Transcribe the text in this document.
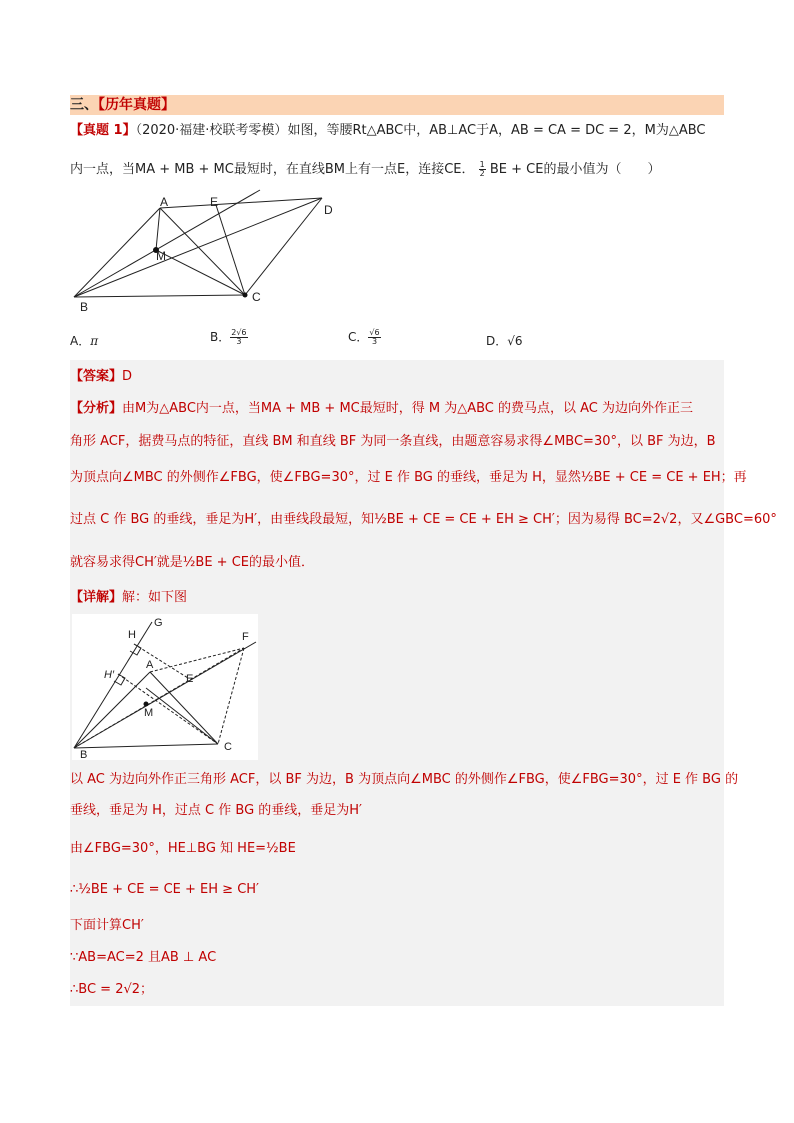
三、【历年真题】
【真题 1】（2020·福建·校联考零模）如图，等腰Rt△ABC中，AB⊥AC于A，AB = CA = DC = 2，M为△ABC
内一点，当MA + MB + MC最短时，在直线BM上有一点E，连接CE． $\frac{1}{2}$ BE + CE的最小值为（　　）
A	E
D
M
B
C
A．π	B． $\frac{2√6}{3}$	C． $\frac{√6}{3}$	D．√6
【答案】D
【分析】由M为△ABC内一点，当MA + MB + MC最短时，得 M 为△ABC 的费马点，以 AC 为边向外作正三
角形 ACF，据费马点的特征，直线 BM 和直线 BF 为同一条直线，由题意容易求得∠MBC=30°，以 BF 为边，B
为顶点向∠MBC 的外侧作∠FBG，使∠FBG=30°，过 E 作 BG 的垂线，垂足为 H，显然½BE + CE = CE + EH；再
过点 C 作 BG 的垂线，垂足为H′，由垂线段最短，知½BE + CE = CE + EH ≥ CH′；因为易得 BC=2√2，又∠GBC=60°
就容易求得CH′就是½BE + CE的最小值．
【详解】解：如下图
G
H
H′
A
F
E
M
B
C
以 AC 为边向外作正三角形 ACF，以 BF 为边，B 为顶点向∠MBC 的外侧作∠FBG，使∠FBG=30°，过 E 作 BG 的
垂线，垂足为 H，过点 C 作 BG 的垂线，垂足为H′
由∠FBG=30°，HE⊥BG 知 HE=½BE
∴½BE + CE = CE + EH ≥ CH′
下面计算CH′
∵AB=AC=2 且AB ⊥ AC
∴BC = 2√2；
